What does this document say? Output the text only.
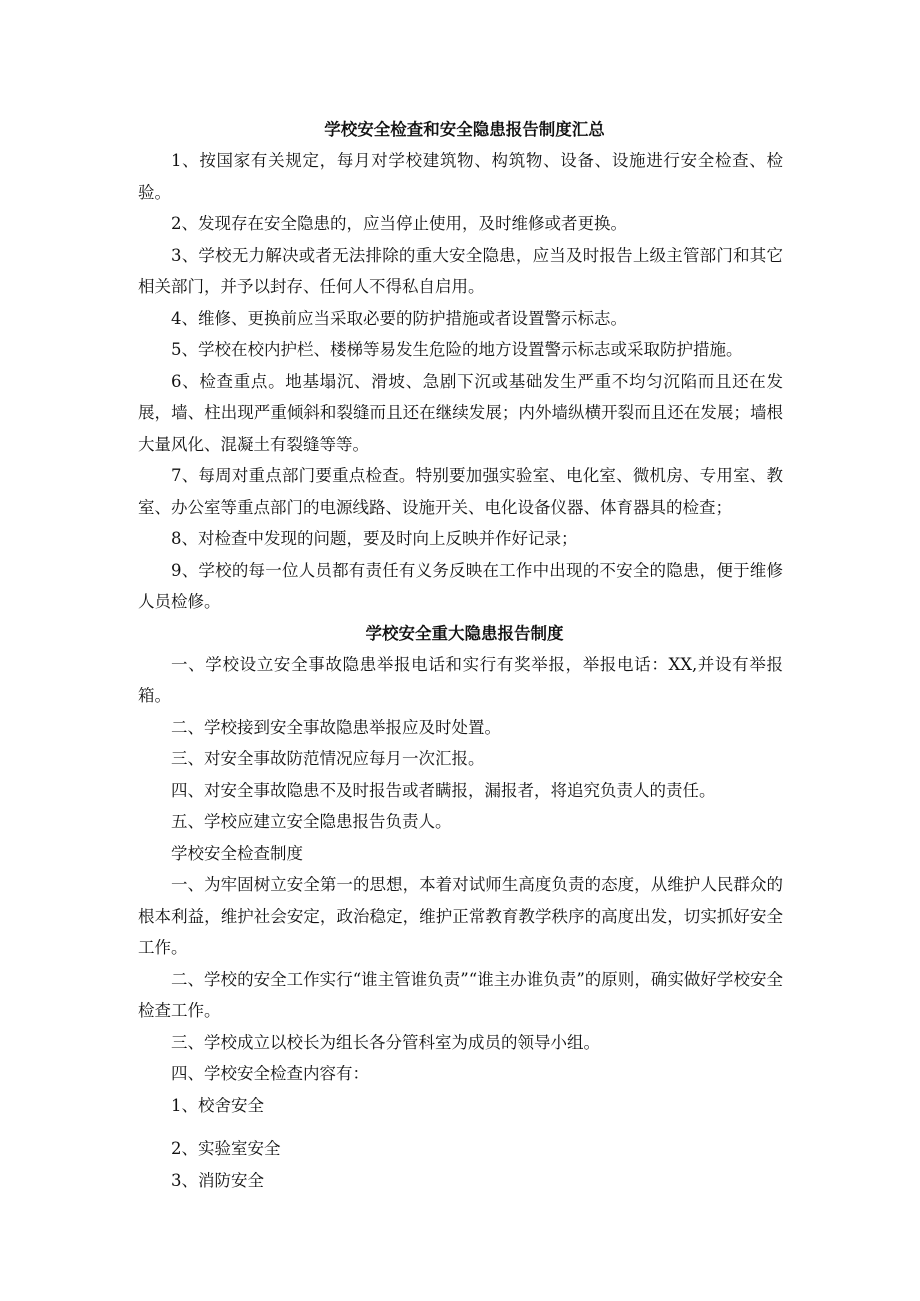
学校安全检查和安全隐患报告制度汇总

1、按国家有关规定，每月对学校建筑物、构筑物、设备、设施进行安全检查、检验。

2、发现存在安全隐患的，应当停止使用，及时维修或者更换。

3、学校无力解决或者无法排除的重大安全隐患，应当及时报告上级主管部门和其它相关部门，并予以封存、任何人不得私自启用。

4、维修、更换前应当采取必要的防护措施或者设置警示标志。

5、学校在校内护栏、楼梯等易发生危险的地方设置警示标志或采取防护措施。

6、检查重点。地基塌沉、滑坡、急剧下沉或基础发生严重不均匀沉陷而且还在发展，墙、柱出现严重倾斜和裂缝而且还在继续发展；内外墙纵横开裂而且还在发展；墙根大量风化、混凝土有裂缝等等。

7、每周对重点部门要重点检查。特别要加强实验室、电化室、微机房、专用室、教室、办公室等重点部门的电源线路、设施开关、电化设备仪器、体育器具的检查；

8、对检查中发现的问题，要及时向上反映并作好记录；

9、学校的每一位人员都有责任有义务反映在工作中出现的不安全的隐患，便于维修人员检修。

学校安全重大隐患报告制度

一、学校设立安全事故隐患举报电话和实行有奖举报，举报电话：XX,并设有举报箱。

二、学校接到安全事故隐患举报应及时处置。

三、对安全事故防范情况应每月一次汇报。

四、对安全事故隐患不及时报告或者瞒报，漏报者，将追究负责人的责任。

五、学校应建立安全隐患报告负责人。

学校安全检查制度

一、为牢固树立安全第一的思想，本着对试师生高度负责的态度，从维护人民群众的根本利益，维护社会安定，政治稳定，维护正常教育教学秩序的高度出发，切实抓好安全工作。

二、学校的安全工作实行“谁主管谁负责”“谁主办谁负责”的原则，确实做好学校安全检查工作。

三、学校成立以校长为组长各分管科室为成员的领导小组。

四、学校安全检查内容有：

1、校舍安全

2、实验室安全

3、消防安全
